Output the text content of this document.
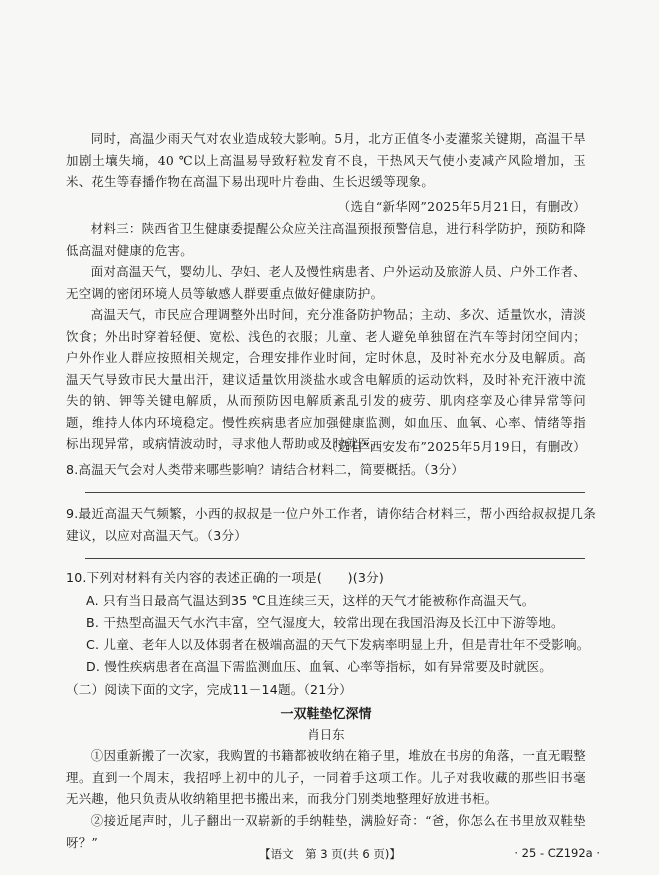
同时，高温少雨天气对农业造成较大影响。5月，北方正值冬小麦灌浆关键期，高温干旱加剧土壤失墒，40 ℃以上高温易导致籽粒发育不良，干热风天气使小麦减产风险增加，玉米、花生等春播作物在高温下易出现叶片卷曲、生长迟缓等现象。

（选自“新华网”2025年5月21日，有删改）

材料三：陕西省卫生健康委提醒公众应关注高温预报预警信息，进行科学防护，预防和降低高温对健康的危害。

面对高温天气，婴幼儿、孕妇、老人及慢性病患者、户外运动及旅游人员、户外工作者、无空调的密闭环境人员等敏感人群要重点做好健康防护。

高温天气，市民应合理调整外出时间，充分准备防护物品；主动、多次、适量饮水，清淡饮食；外出时穿着轻便、宽松、浅色的衣服；儿童、老人避免单独留在汽车等封闭空间内；户外作业人群应按照相关规定，合理安排作业时间，定时休息，及时补充水分及电解质。高温天气导致市民大量出汗，建议适量饮用淡盐水或含电解质的运动饮料，及时补充汗液中流失的钠、钾等关键电解质，从而预防因电解质紊乱引发的疲劳、肌肉痉挛及心律异常等问题，维持人体内环境稳定。慢性疾病患者应加强健康监测，如血压、血氧、心率、情绪等指标出现异常，或病情波动时，寻求他人帮助或及时就医。

（选自“西安发布”2025年5月19日，有删改）

8.高温天气会对人类带来哪些影响？请结合材料二，简要概括。（3分）

9.最近高温天气频繁，小西的叔叔是一位户外工作者，请你结合材料三，帮小西给叔叔提几条建议，以应对高温天气。（3分）

10.下列对材料有关内容的表述正确的一项是(　　)(3分)

A. 只有当日最高气温达到35 ℃且连续三天，这样的天气才能被称作高温天气。

B. 干热型高温天气水汽丰富，空气湿度大，较常出现在我国沿海及长江中下游等地。

C. 儿童、老年人以及体弱者在极端高温的天气下发病率明显上升，但是青壮年不受影响。

D. 慢性疾病患者在高温下需监测血压、血氧、心率等指标，如有异常要及时就医。

（二）阅读下面的文字，完成11－14题。（21分）

一双鞋垫忆深情

肖日东

①因重新搬了一次家，我购置的书籍都被收纳在箱子里，堆放在书房的角落，一直无暇整理。直到一个周末，我招呼上初中的儿子，一同着手这项工作。儿子对我收藏的那些旧书毫无兴趣，他只负责从收纳箱里把书搬出来，而我分门别类地整理好放进书柜。

②接近尾声时，儿子翻出一双崭新的手纳鞋垫，满脸好奇：“爸，你怎么在书里放双鞋垫呀？”

【语文　第 3 页(共 6 页)】	· 25 - CZ192a ·
